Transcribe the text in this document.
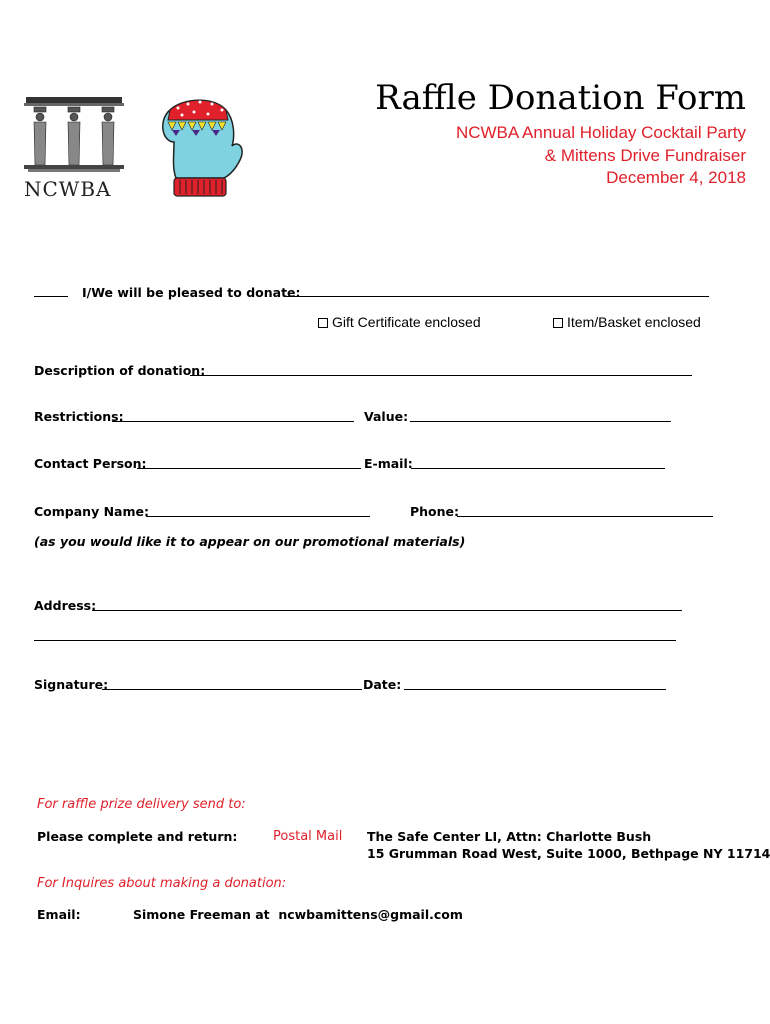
NCWBA
Raffle Donation Form
NCWBA Annual Holiday Cocktail Party
& Mittens Drive Fundraiser
December 4, 2018
I/We will be pleased to donate:
Gift Certificate enclosed	Item/Basket enclosed
Description of donation:
Restrictions:	Value:
Contact Person:	E-mail:
Company Name:	Phone:
(as you would like it to appear on our promotional materials)
Address:
Signature:	Date:
For raffle prize delivery send to:
Please complete and return:	Postal Mail The Safe Center LI, Attn: Charlotte Bush
15 Grumman Road West, Suite 1000, Bethpage NY 11714
For Inquires about making a donation:
Email:	Simone Freeman at  ncwbamittens@gmail.com
